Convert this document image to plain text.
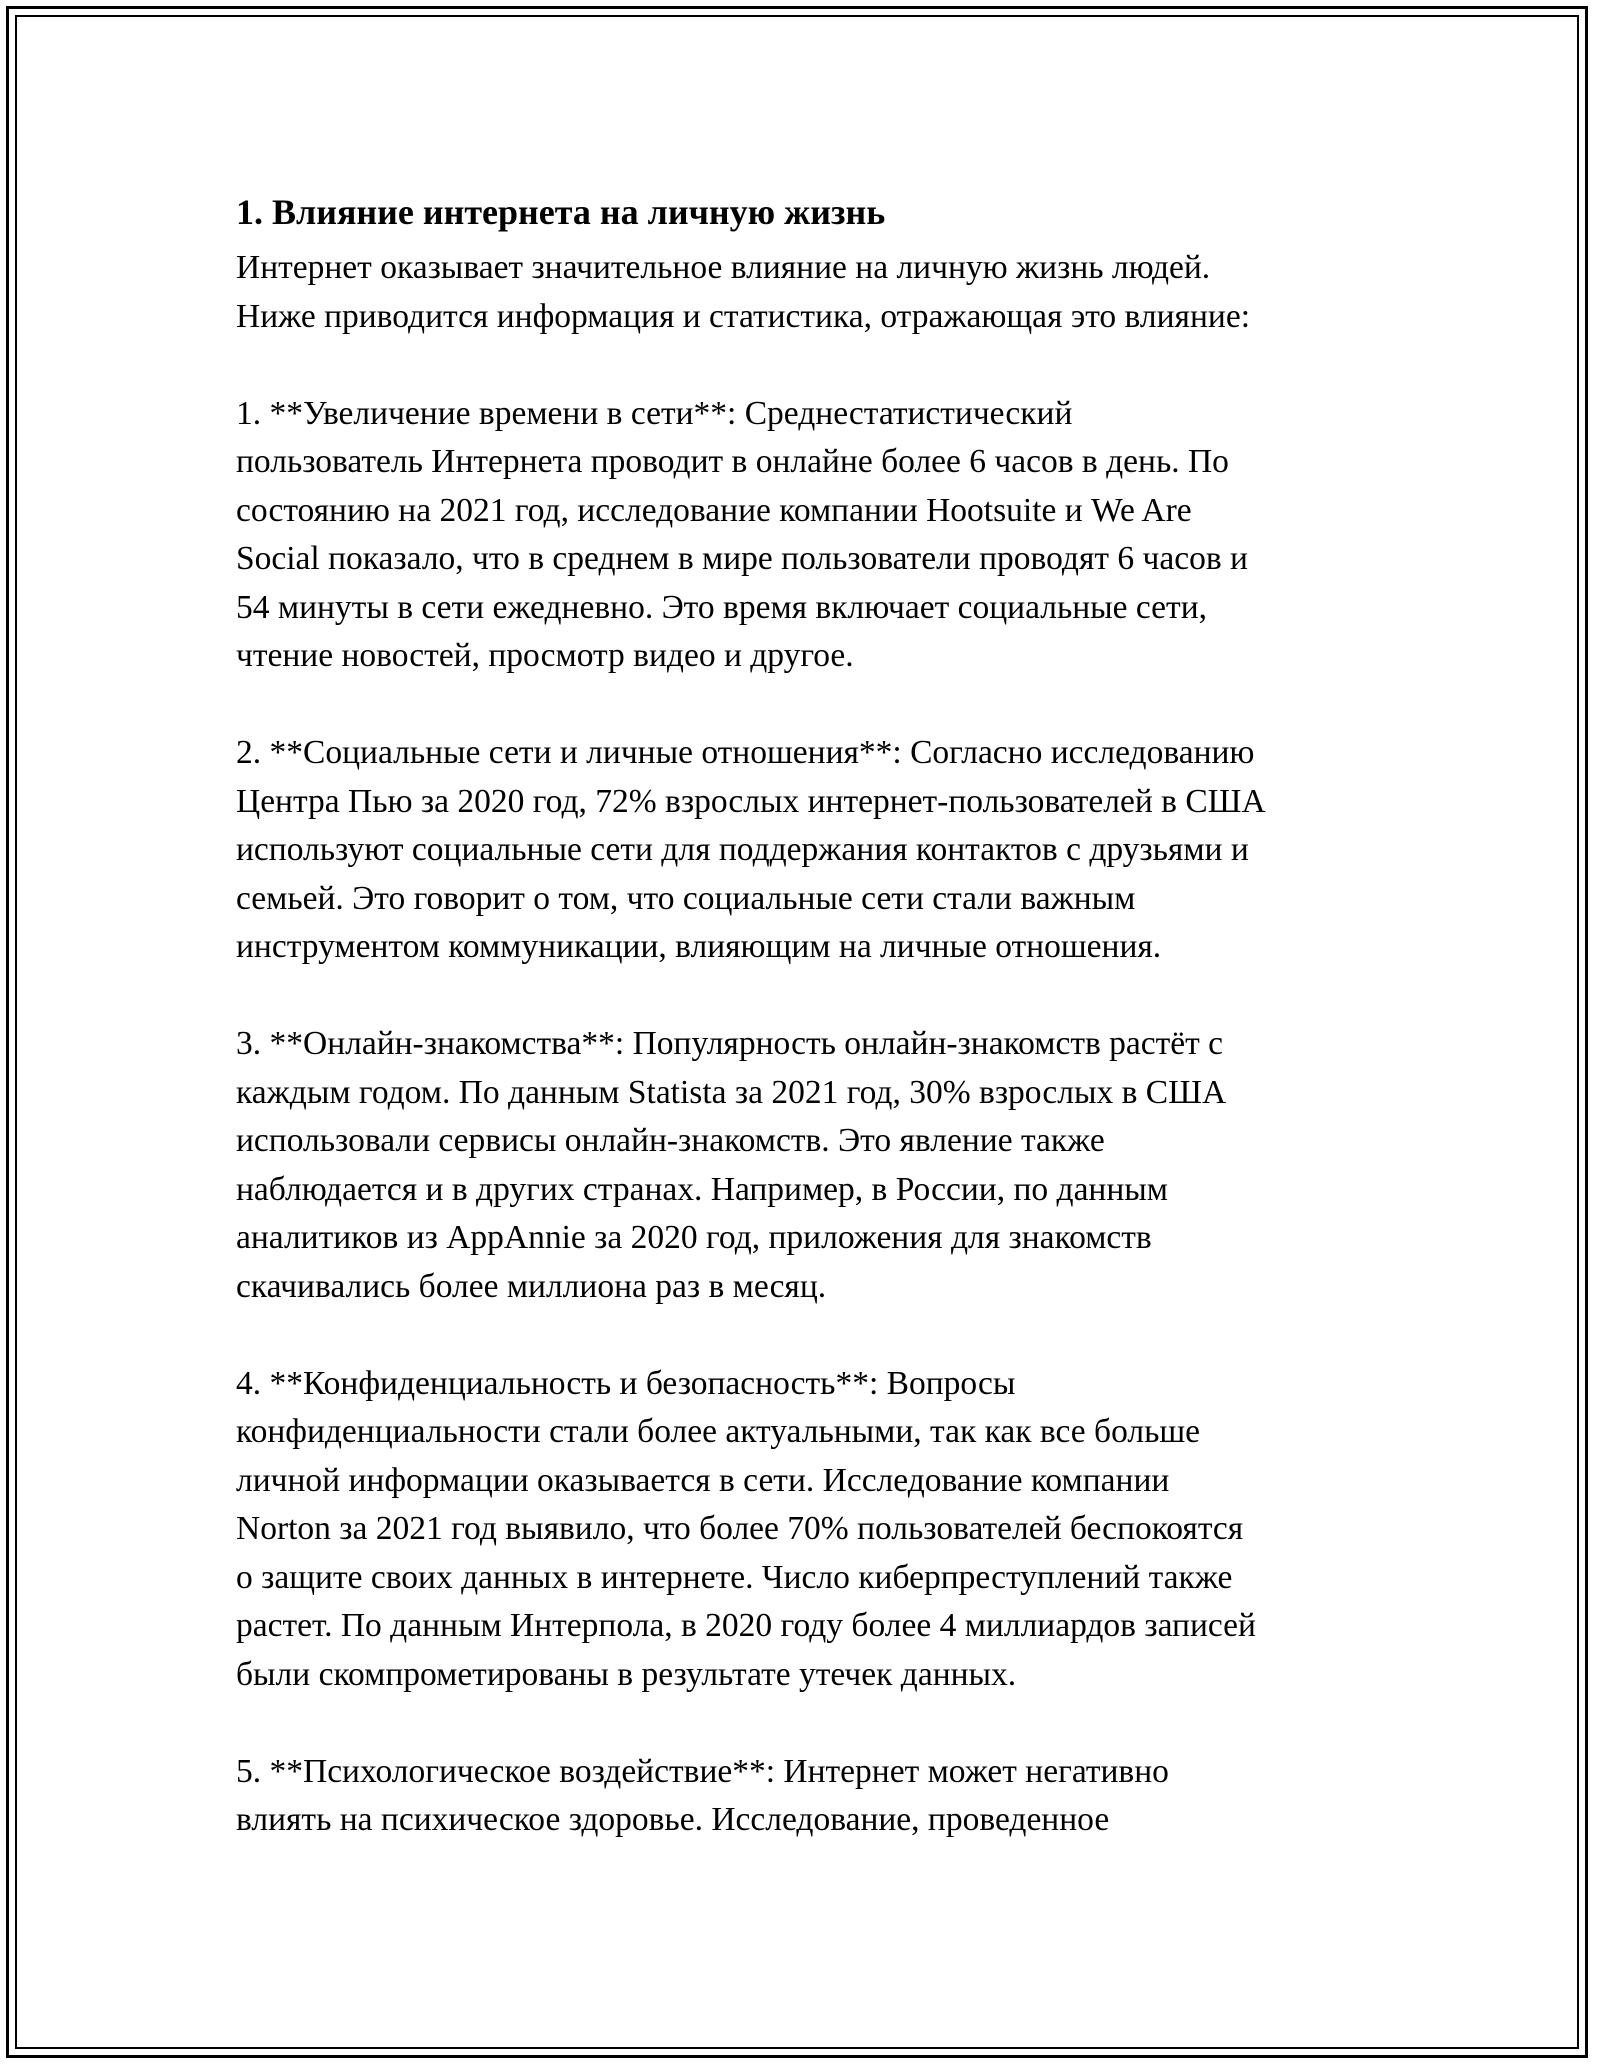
1. Влияние интернета на личную жизнь

Интернет оказывает значительное влияние на личную жизнь людей.
Ниже приводится информация и статистика, отражающая это влияние:

1. **Увеличение времени в сети**: Среднестатистический
пользователь Интернета проводит в онлайне более 6 часов в день. По
состоянию на 2021 год, исследование компании Hootsuite и We Are
Social показало, что в среднем в мире пользователи проводят 6 часов и
54 минуты в сети ежедневно. Это время включает социальные сети,
чтение новостей, просмотр видео и другое.

2. **Социальные сети и личные отношения**: Согласно исследованию
Центра Пью за 2020 год, 72% взрослых интернет-пользователей в США
используют социальные сети для поддержания контактов с друзьями и
семьей. Это говорит о том, что социальные сети стали важным
инструментом коммуникации, влияющим на личные отношения.

3. **Онлайн-знакомства**: Популярность онлайн-знакомств растёт с
каждым годом. По данным Statista за 2021 год, 30% взрослых в США
использовали сервисы онлайн-знакомств. Это явление также
наблюдается и в других странах. Например, в России, по данным
аналитиков из AppAnnie за 2020 год, приложения для знакомств
скачивались более миллиона раз в месяц.

4. **Конфиденциальность и безопасность**: Вопросы
конфиденциальности стали более актуальными, так как все больше
личной информации оказывается в сети. Исследование компании
Norton за 2021 год выявило, что более 70% пользователей беспокоятся
о защите своих данных в интернете. Число киберпреступлений также
растет. По данным Интерпола, в 2020 году более 4 миллиардов записей
были скомпрометированы в результате утечек данных.

5. **Психологическое воздействие**: Интернет может негативно
влиять на психическое здоровье. Исследование, проведенное
